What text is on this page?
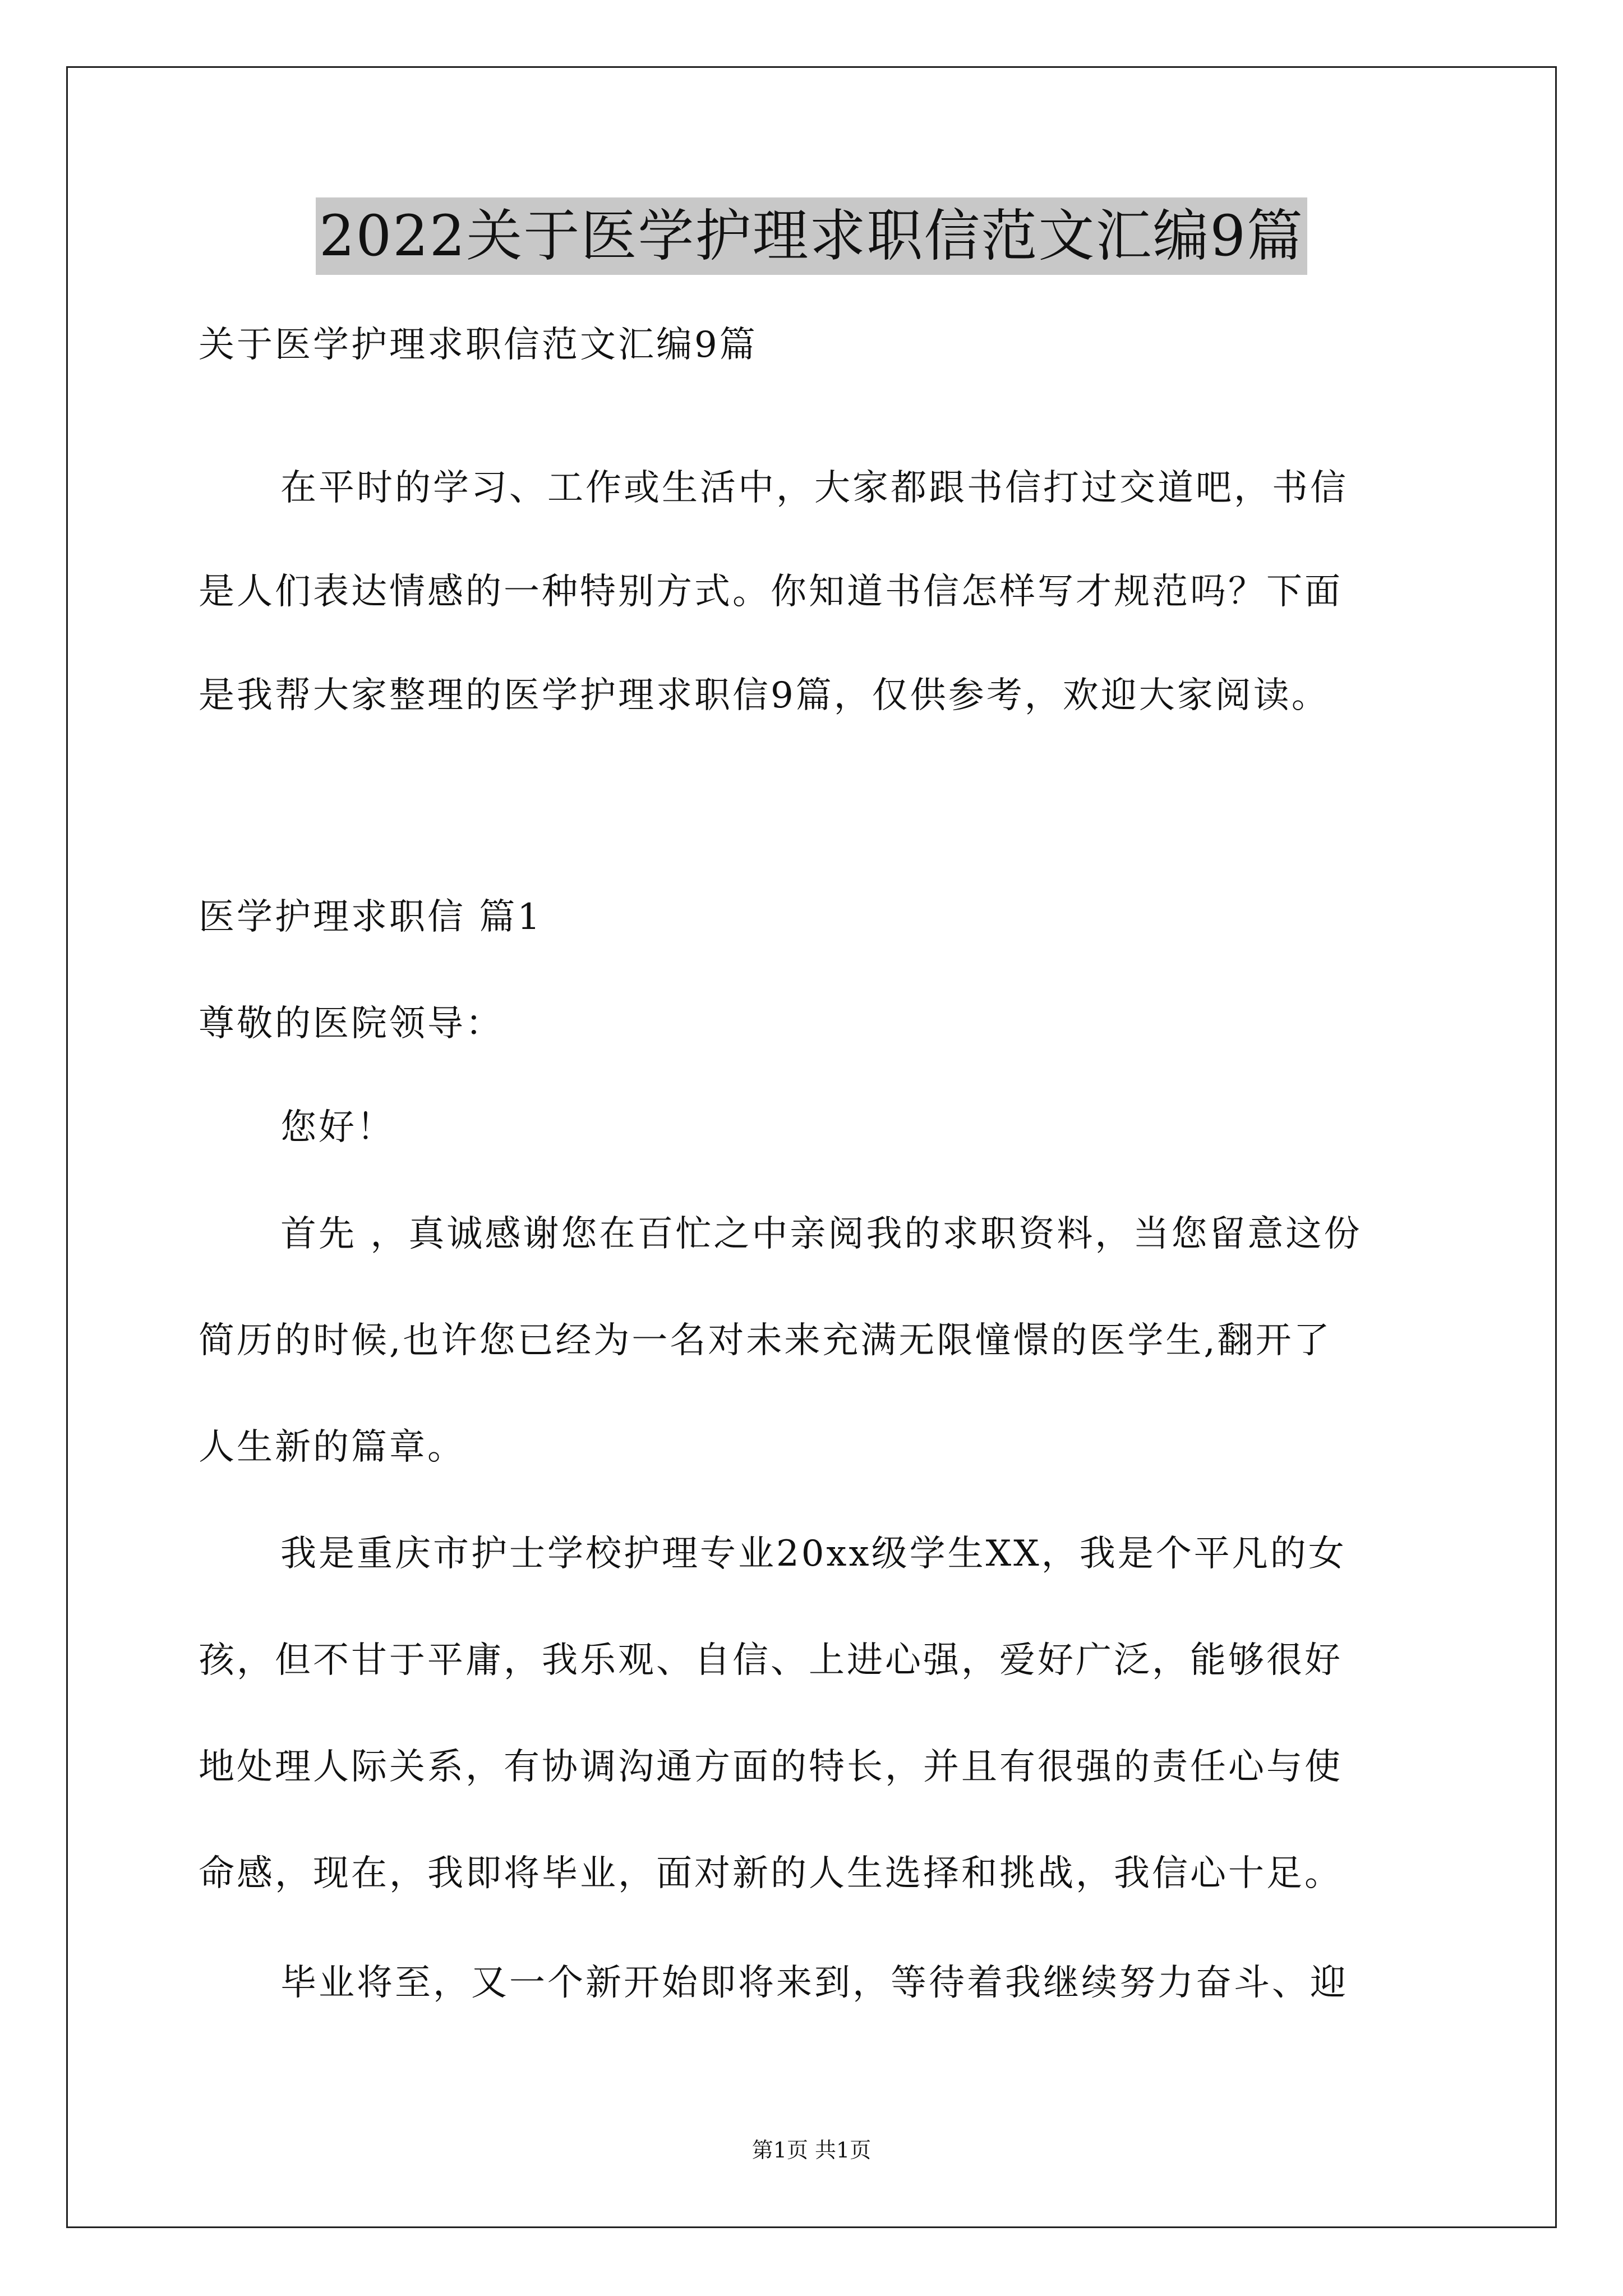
2022关于医学护理求职信范文汇编9篇
关于医学护理求职信范文汇编9篇
在平时的学习、工作或生活中，大家都跟书信打过交道吧，书信
是人们表达情感的一种特别方式。你知道书信怎样写才规范吗？下面
是我帮大家整理的医学护理求职信9篇，仅供参考，欢迎大家阅读。
医学护理求职信 篇1
尊敬的医院领导：
您好！
首先 ，真诚感谢您在百忙之中亲阅我的求职资料，当您留意这份
简历的时候,也许您已经为一名对未来充满无限憧憬的医学生,翻开了
人生新的篇章。
我是重庆市护士学校护理专业20xx级学生XX，我是个平凡的女
孩，但不甘于平庸，我乐观、自信、上进心强，爱好广泛，能够很好
地处理人际关系，有协调沟通方面的特长，并且有很强的责任心与使
命感，现在，我即将毕业，面对新的人生选择和挑战，我信心十足。
毕业将至，又一个新开始即将来到，等待着我继续努力奋斗、迎
第1页 共1页
